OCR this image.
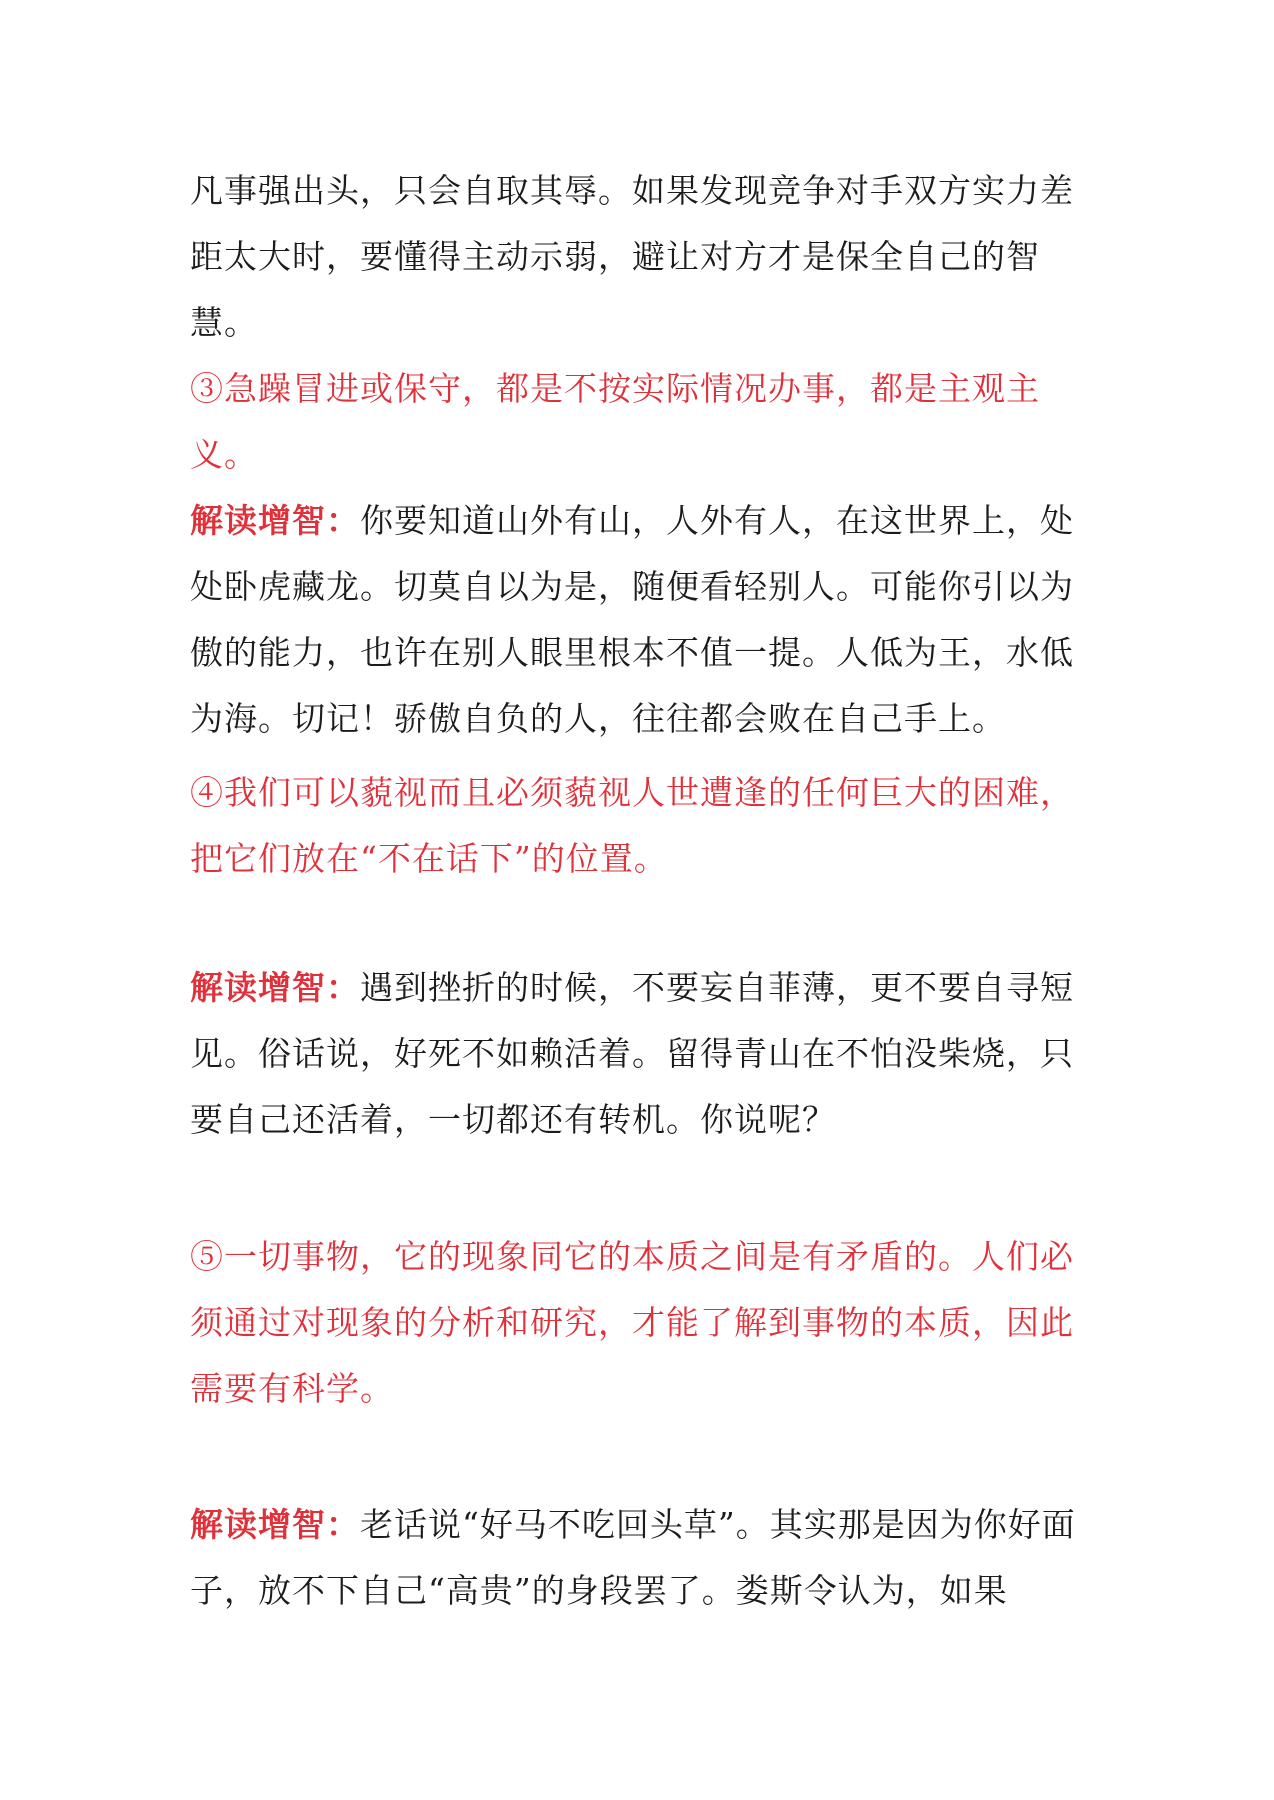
凡事强出头，只会自取其辱。如果发现竞争对手双方实力差距太大时，要懂得主动示弱，避让对方才是保全自己的智慧。

③急躁冒进或保守，都是不按实际情况办事，都是主观主义。
解读增智：你要知道山外有山，人外有人，在这世界上，处处卧虎藏龙。切莫自以为是，随便看轻别人。可能你引以为傲的能力，也许在别人眼里根本不值一提。人低为王，水低为海。切记！骄傲自负的人，往往都会败在自己手上。

④我们可以藐视而且必须藐视人世遭逢的任何巨大的困难，把它们放在“不在话下”的位置。

解读增智：遇到挫折的时候，不要妄自菲薄，更不要自寻短见。俗话说，好死不如赖活着。留得青山在不怕没柴烧，只要自己还活着，一切都还有转机。你说呢？

⑤一切事物，它的现象同它的本质之间是有矛盾的。人们必须通过对现象的分析和研究，才能了解到事物的本质，因此需要有科学。

解读增智：老话说“好马不吃回头草”。其实那是因为你好面子，放不下自己“高贵”的身段罢了。娄斯令认为，如果
